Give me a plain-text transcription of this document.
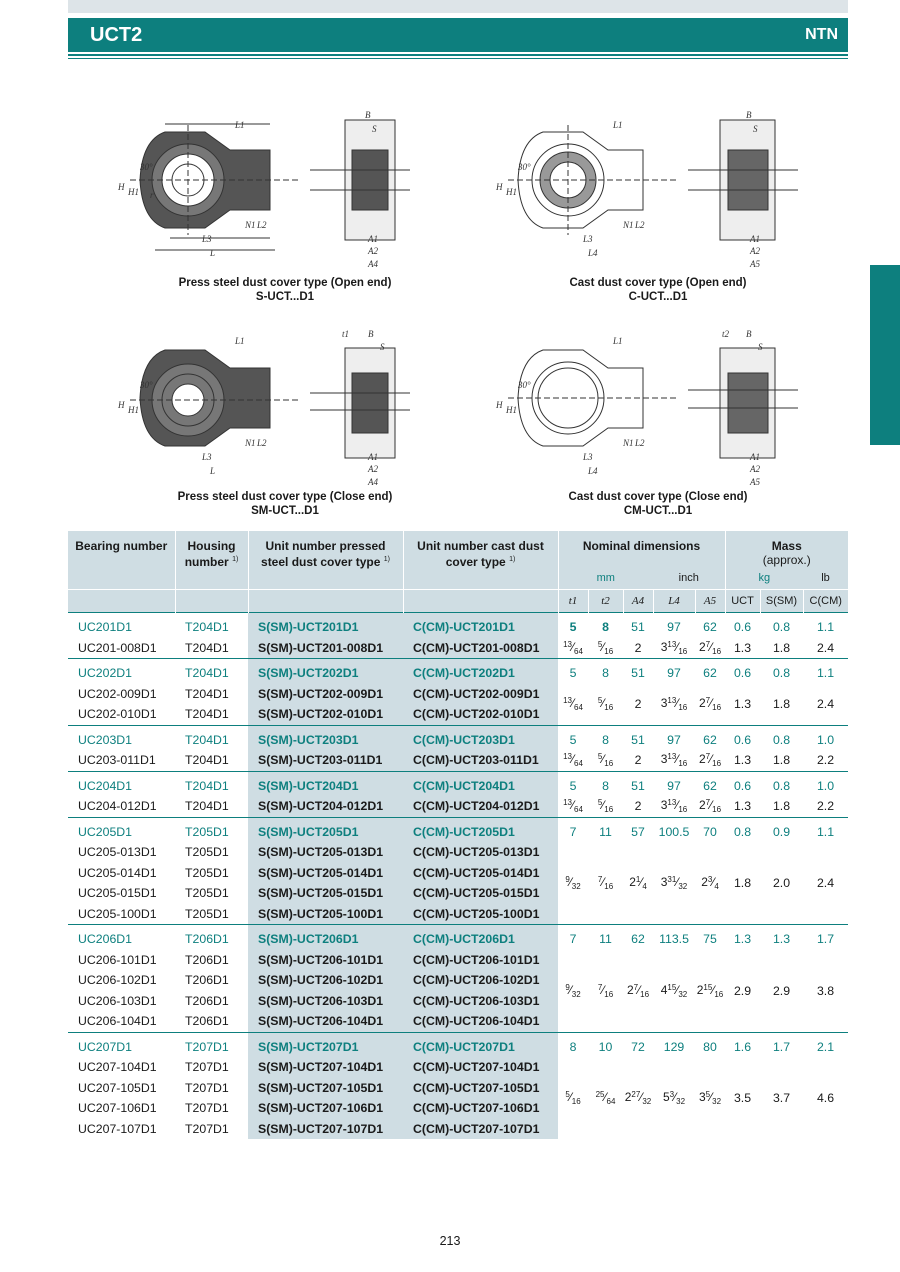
UCT2	NTN
L1
B
S
H H1
30°
r
L3
L
N1 L2
A1
A2
A4
Press steel dust cover type (Open end)
S-UCT...D1
L1
B
S
H H1
30°
L3
L4
N1 L2
A1
A2
A5
Cast dust cover type (Open end)
C-UCT...D1
L1
t1 B
S
H H1
30°
L3
L
N1 L2
A1
A2
A4
Press steel dust cover type (Close end)
SM-UCT...D1
L1
t2 B
S
H H1
30°
L3
L4
N1 L2
A1
A2
A5
Cast dust cover type (Close end)
CM-UCT...D1
Bearing number	Housing number $^{1)}$	Unit number pressed steel dust cover type $^{1)}$	Unit number cast dust cover type $^{1)}$	Nominal dimensions					Mass
(approx.)		
				mm			inch		kg		lb
				t1	t2	A4	L4	A5	UCT	S(SM)	C(CM)
UC201D1	T204D1	S(SM)-UCT201D1	C(CM)-UCT201D1	5	8	51	97	62	0.6	0.8	1.1
UC201-008D1	T204D1	S(SM)-UCT201-008D1	C(CM)-UCT201-008D1	$^{13}⁄_{64}$	$^5⁄_{16}$	2	$3^{13}⁄_{16}$	$2^7⁄_{16}$	1.3	1.8	2.4
UC202D1	T204D1	S(SM)-UCT202D1	C(CM)-UCT202D1	5	8	51	97	62	0.6	0.8	1.1
UC202-009D1	T204D1	S(SM)-UCT202-009D1	C(CM)-UCT202-009D1	$^{13}⁄_{64}$	$^5⁄_{16}$	2	$3^{13}⁄_{16}$	$2^7⁄_{16}$	1.3	1.8	2.4
UC202-010D1	T204D1	S(SM)-UCT202-010D1	C(CM)-UCT202-010D1								
UC203D1	T204D1	S(SM)-UCT203D1	C(CM)-UCT203D1	5	8	51	97	62	0.6	0.8	1.0
UC203-011D1	T204D1	S(SM)-UCT203-011D1	C(CM)-UCT203-011D1	$^{13}⁄_{64}$	$^5⁄_{16}$	2	$3^{13}⁄_{16}$	$2^7⁄_{16}$	1.3	1.8	2.2
UC204D1	T204D1	S(SM)-UCT204D1	C(CM)-UCT204D1	5	8	51	97	62	0.6	0.8	1.0
UC204-012D1	T204D1	S(SM)-UCT204-012D1	C(CM)-UCT204-012D1	$^{13}⁄_{64}$	$^5⁄_{16}$	2	$3^{13}⁄_{16}$	$2^7⁄_{16}$	1.3	1.8	2.2
UC205D1	T205D1	S(SM)-UCT205D1	C(CM)-UCT205D1	7	11	57	100.5	70	0.8	0.9	1.1
UC205-013D1	T205D1	S(SM)-UCT205-013D1	C(CM)-UCT205-013D1	$^9⁄_{32}$	$^7⁄_{16}$	$2^1⁄_4$	$3^{31}⁄_{32}$	$2^3⁄_4$	1.8	2.0	2.4
UC205-014D1	T205D1	S(SM)-UCT205-014D1	C(CM)-UCT205-014D1								
UC205-015D1	T205D1	S(SM)-UCT205-015D1	C(CM)-UCT205-015D1								
UC205-100D1	T205D1	S(SM)-UCT205-100D1	C(CM)-UCT205-100D1								
UC206D1	T206D1	S(SM)-UCT206D1	C(CM)-UCT206D1	7	11	62	113.5	75	1.3	1.3	1.7
UC206-101D1	T206D1	S(SM)-UCT206-101D1	C(CM)-UCT206-101D1	$^9⁄_{32}$	$^7⁄_{16}$	$2^7⁄_{16}$	$4^{15}⁄_{32}$	$2^{15}⁄_{16}$	2.9	2.9	3.8
UC206-102D1	T206D1	S(SM)-UCT206-102D1	C(CM)-UCT206-102D1								
UC206-103D1	T206D1	S(SM)-UCT206-103D1	C(CM)-UCT206-103D1								
UC206-104D1	T206D1	S(SM)-UCT206-104D1	C(CM)-UCT206-104D1								
UC207D1	T207D1	S(SM)-UCT207D1	C(CM)-UCT207D1	8	10	72	129	80	1.6	1.7	2.1
UC207-104D1	T207D1	S(SM)-UCT207-104D1	C(CM)-UCT207-104D1	$^5⁄_{16}$	$^{25}⁄_{64}$	$2^{27}⁄_{32}$	$5^3⁄_{32}$	$3^5⁄_{32}$	3.5	3.7	4.6
UC207-105D1	T207D1	S(SM)-UCT207-105D1	C(CM)-UCT207-105D1								
UC207-106D1	T207D1	S(SM)-UCT207-106D1	C(CM)-UCT207-106D1								
UC207-107D1	T207D1	S(SM)-UCT207-107D1	C(CM)-UCT207-107D1								
213
